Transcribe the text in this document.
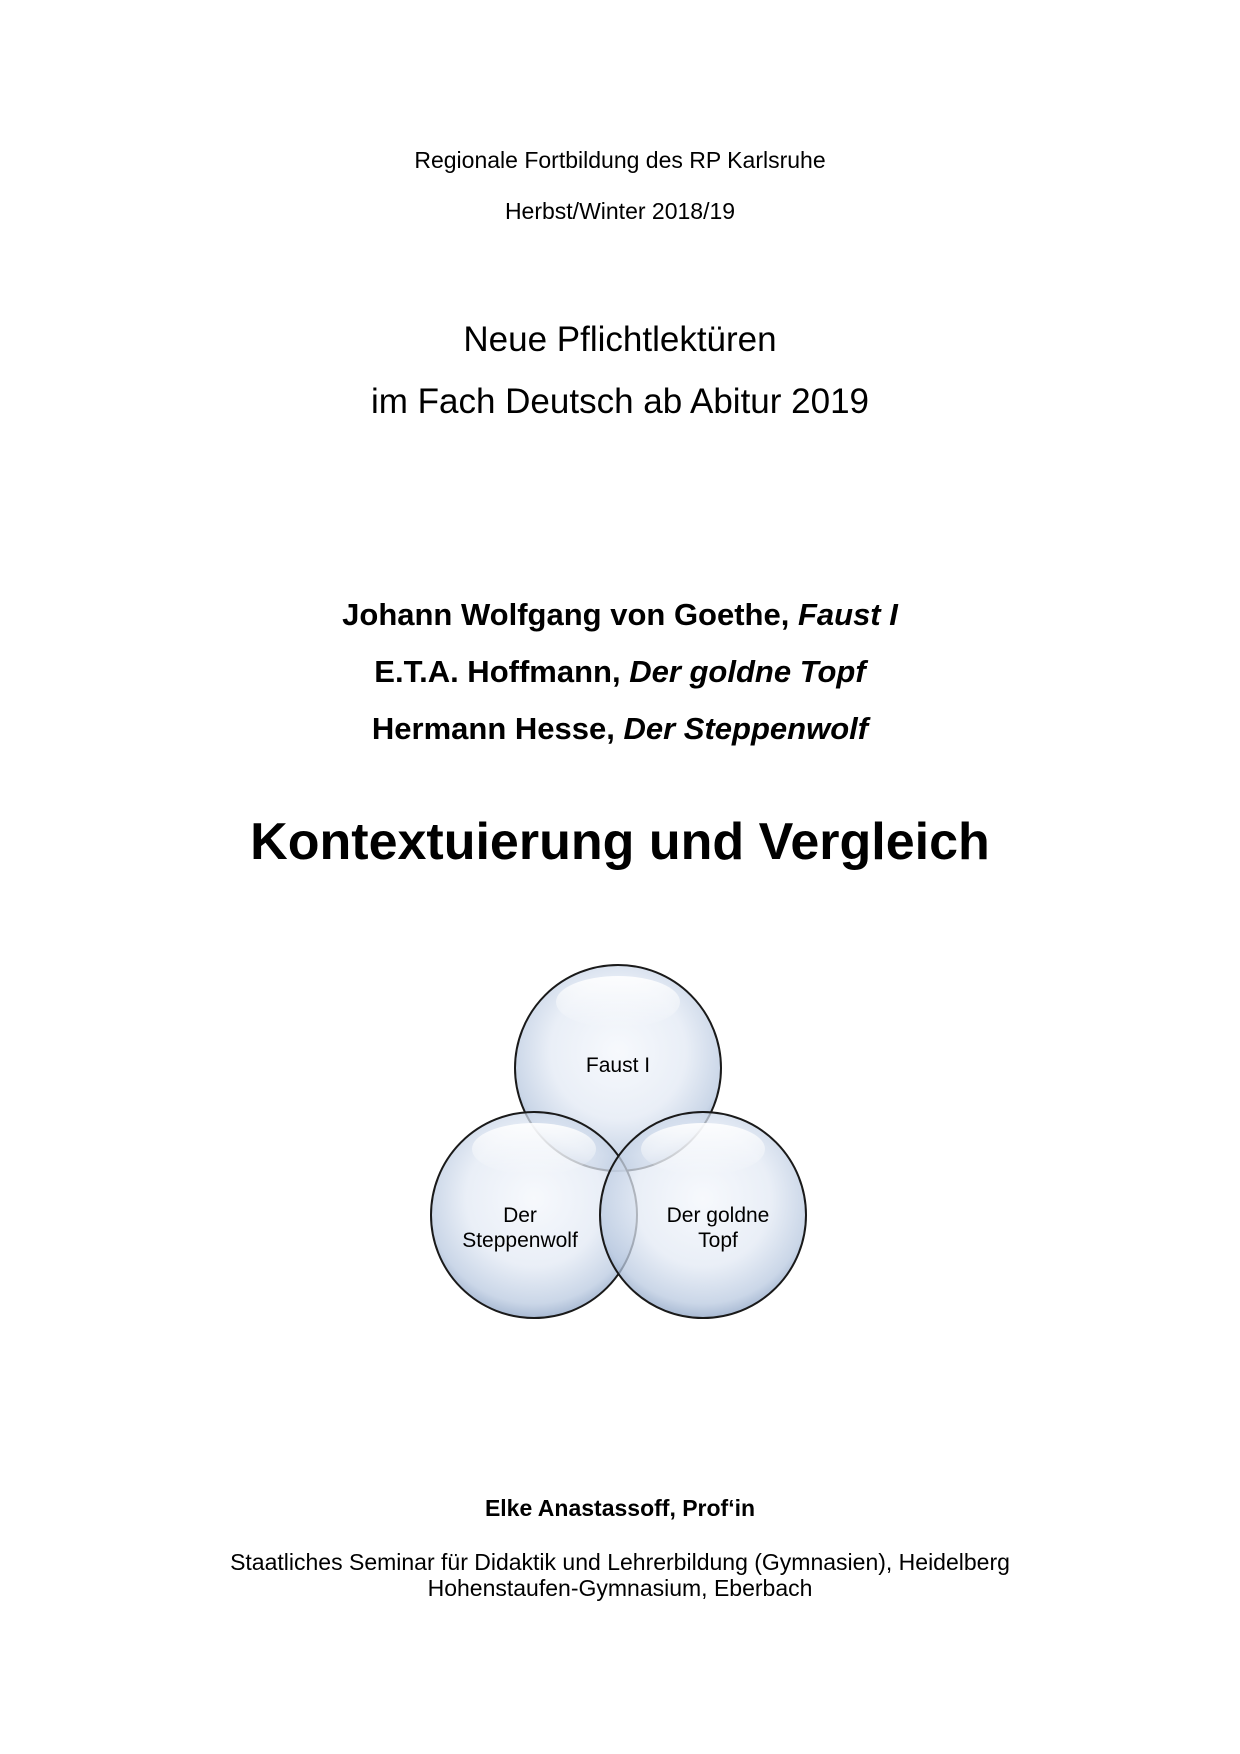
Regionale Fortbildung des RP Karlsruhe
Herbst/Winter 2018/19
Neue Pflichtlektüren
im Fach Deutsch ab Abitur 2019
Johann Wolfgang von Goethe, Faust I
E.T.A. Hoffmann, Der goldne Topf
Hermann Hesse, Der Steppenwolf
Kontextuierung und Vergleich
Faust I
Der
Steppenwolf
Der goldne
Topf
Elke Anastassoff, Prof‘in
Staatliches Seminar für Didaktik und Lehrerbildung (Gymnasien), Heidelberg
Hohenstaufen-Gymnasium, Eberbach
